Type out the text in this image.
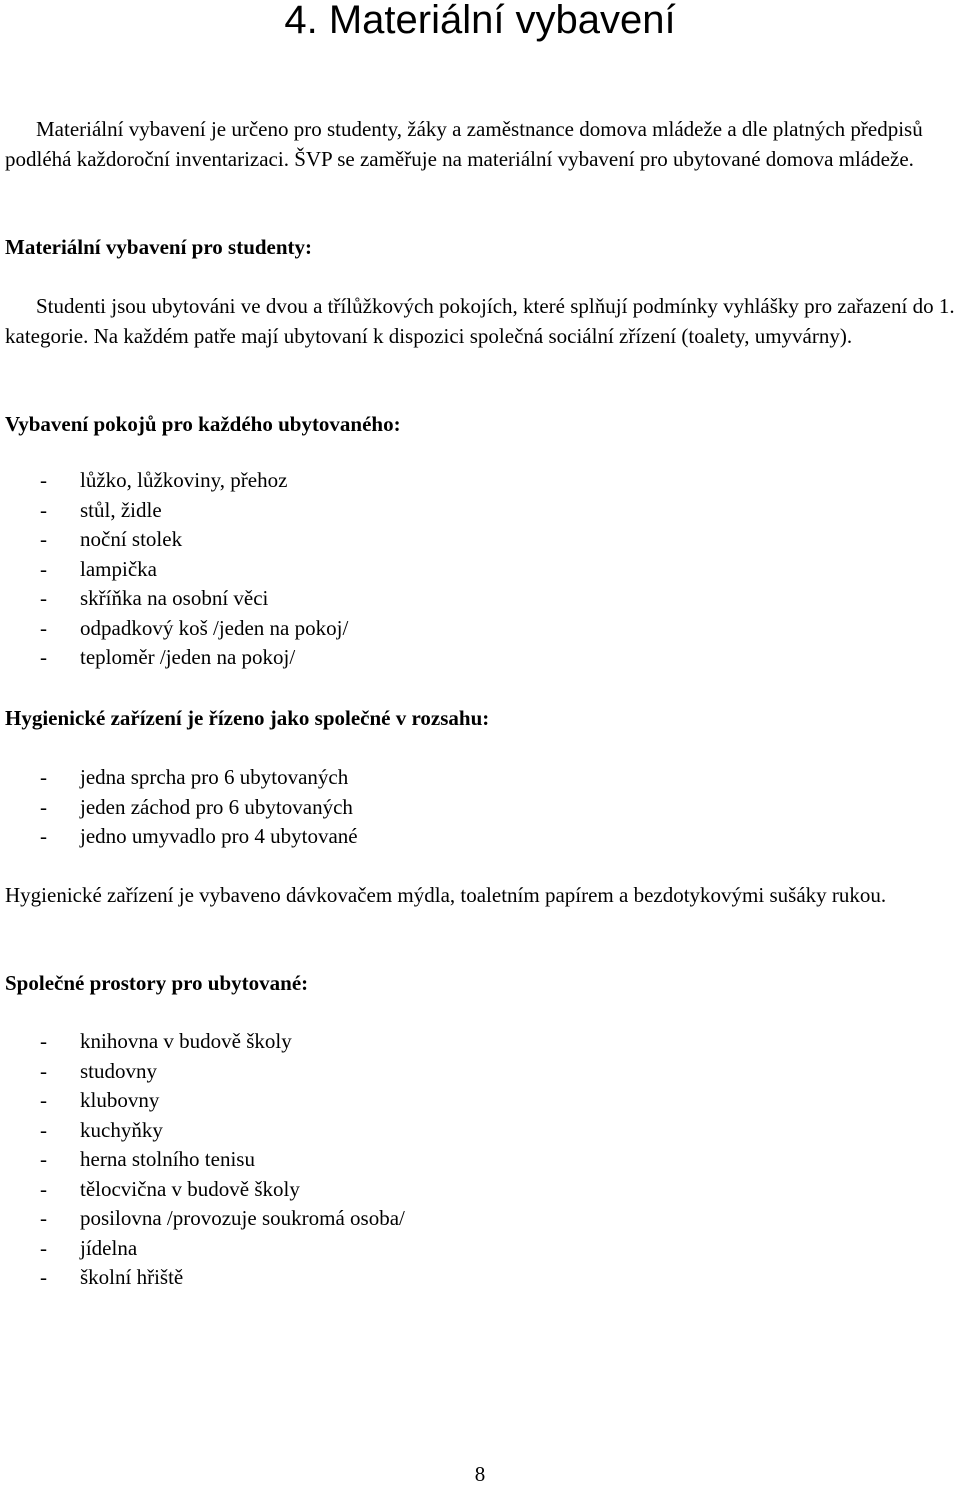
4. Materiální vybavení

Materiální vybavení je určeno pro studenty, žáky a zaměstnance domova mládeže a dle platných předpisů podléhá každoroční inventarizaci. ŠVP se zaměřuje na materiální vybavení pro ubytované domova mládeže.

Materiální vybavení pro studenty:

Studenti jsou ubytováni ve dvou a třílůžkových pokojích, které splňují podmínky vyhlášky pro zařazení do 1. kategorie. Na každém patře mají ubytovaní k dispozici společná sociální zřízení (toalety, umyvárny).

Vybavení pokojů pro každého ubytovaného:

- lůžko, lůžkoviny, přehoz
- stůl, židle
- noční stolek
- lampička
- skříňka na osobní věci
- odpadkový koš /jeden na pokoj/
- teploměr /jeden na pokoj/

Hygienické zařízení je řízeno jako společné v rozsahu:

- jedna sprcha pro 6 ubytovaných
- jeden záchod pro 6 ubytovaných
- jedno umyvadlo pro 4 ubytované

Hygienické zařízení je vybaveno dávkovačem mýdla, toaletním papírem a bezdotykovými sušáky rukou.

Společné prostory pro ubytované:

- knihovna v budově školy
- studovny
- klubovny
- kuchyňky
- herna stolního tenisu
- tělocvična v budově školy
- posilovna /provozuje soukromá osoba/
- jídelna
- školní hřiště
8
